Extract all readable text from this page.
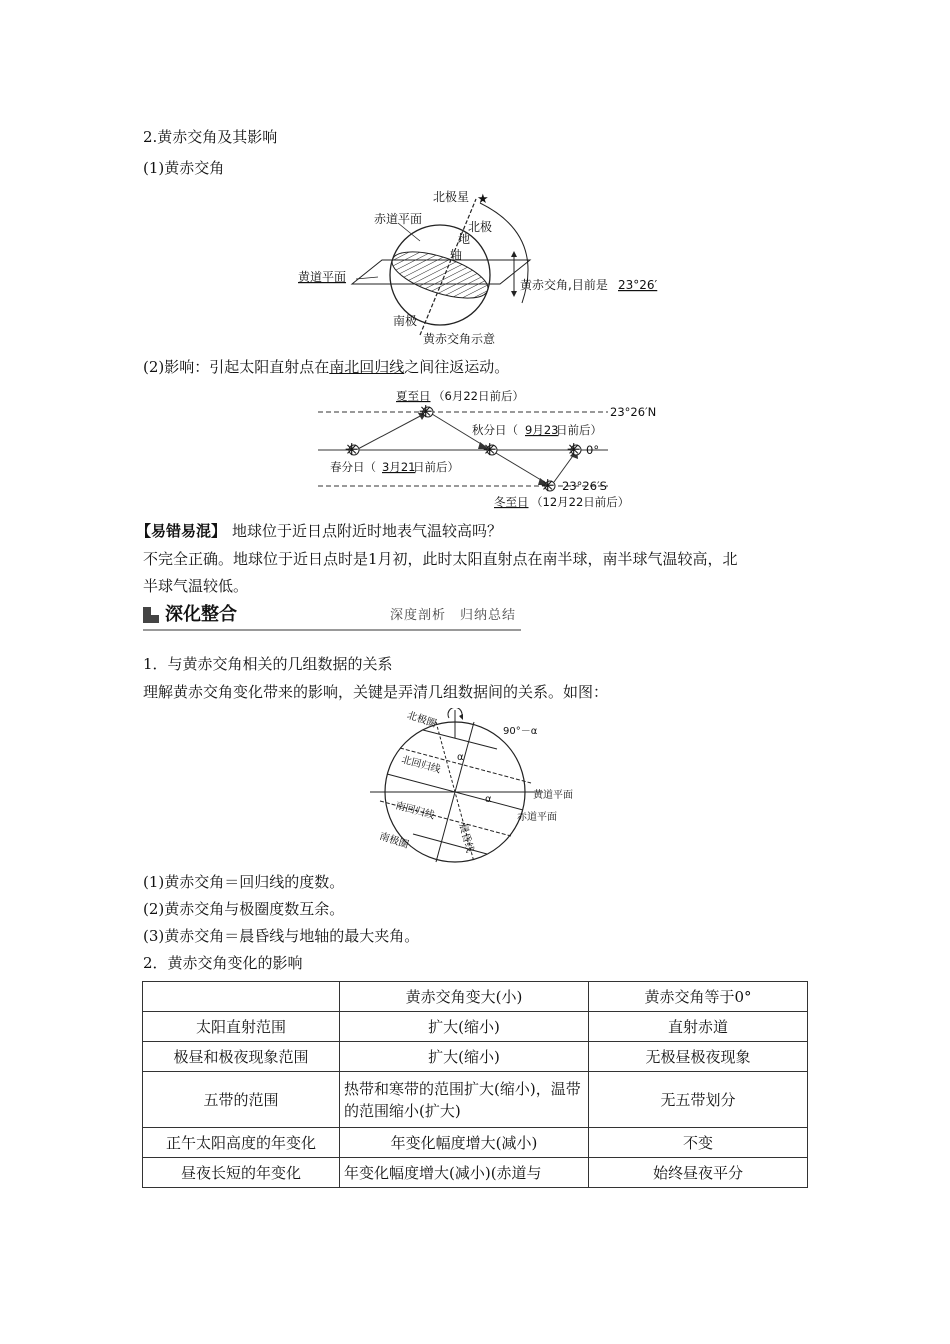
2.黄赤交角及其影响
(1)黄赤交角
★
北极星
赤道平面
北极
地
轴
黄道平面
黄赤交角,目前是 23°26′
南极
黄赤交角示意
(2)影响：引起太阳直射点在南北回归线之间往返运动。
✳
✳	✳	✳
✳
夏至日 （6月22日前后）
23°26′N
秋分日（ 9月23
日前后）
0°
春分日（ 3月21
日前后）
23°26′S
冬至日 （12月22日前后）
【易错易混】 地球位于近日点附近时地表气温较高吗？
不完全正确。地球位于近日点时是1月初，此时太阳直射点在南半球，南半球气温较高，北
半球气温较低。
深化整合	深度剖析　归纳总结
1．与黄赤交角相关的几组数据的关系
理解黄赤交角变化带来的影响，关键是弄清几组数据间的关系。如图：
北极圈
90°－α
α
α
北回归线
黄道平面
南回归线	赤道平面
晨昏线
南极圈
(1)黄赤交角＝回归线的度数。
(2)黄赤交角与极圈度数互余。
(3)黄赤交角＝晨昏线与地轴的最大夹角。
2．黄赤交角变化的影响
	黄赤交角变大(小)	黄赤交角等于0°
太阳直射范围	扩大(缩小)	直射赤道
极昼和极夜现象范围	扩大(缩小)	无极昼极夜现象
五带的范围	热带和寒带的范围扩大(缩小)，温带的范围缩小(扩大)	无五带划分
正午太阳高度的年变化	年变化幅度增大(减小)	不变
昼夜长短的年变化	年变化幅度增大(减小)(赤道与	始终昼夜平分
